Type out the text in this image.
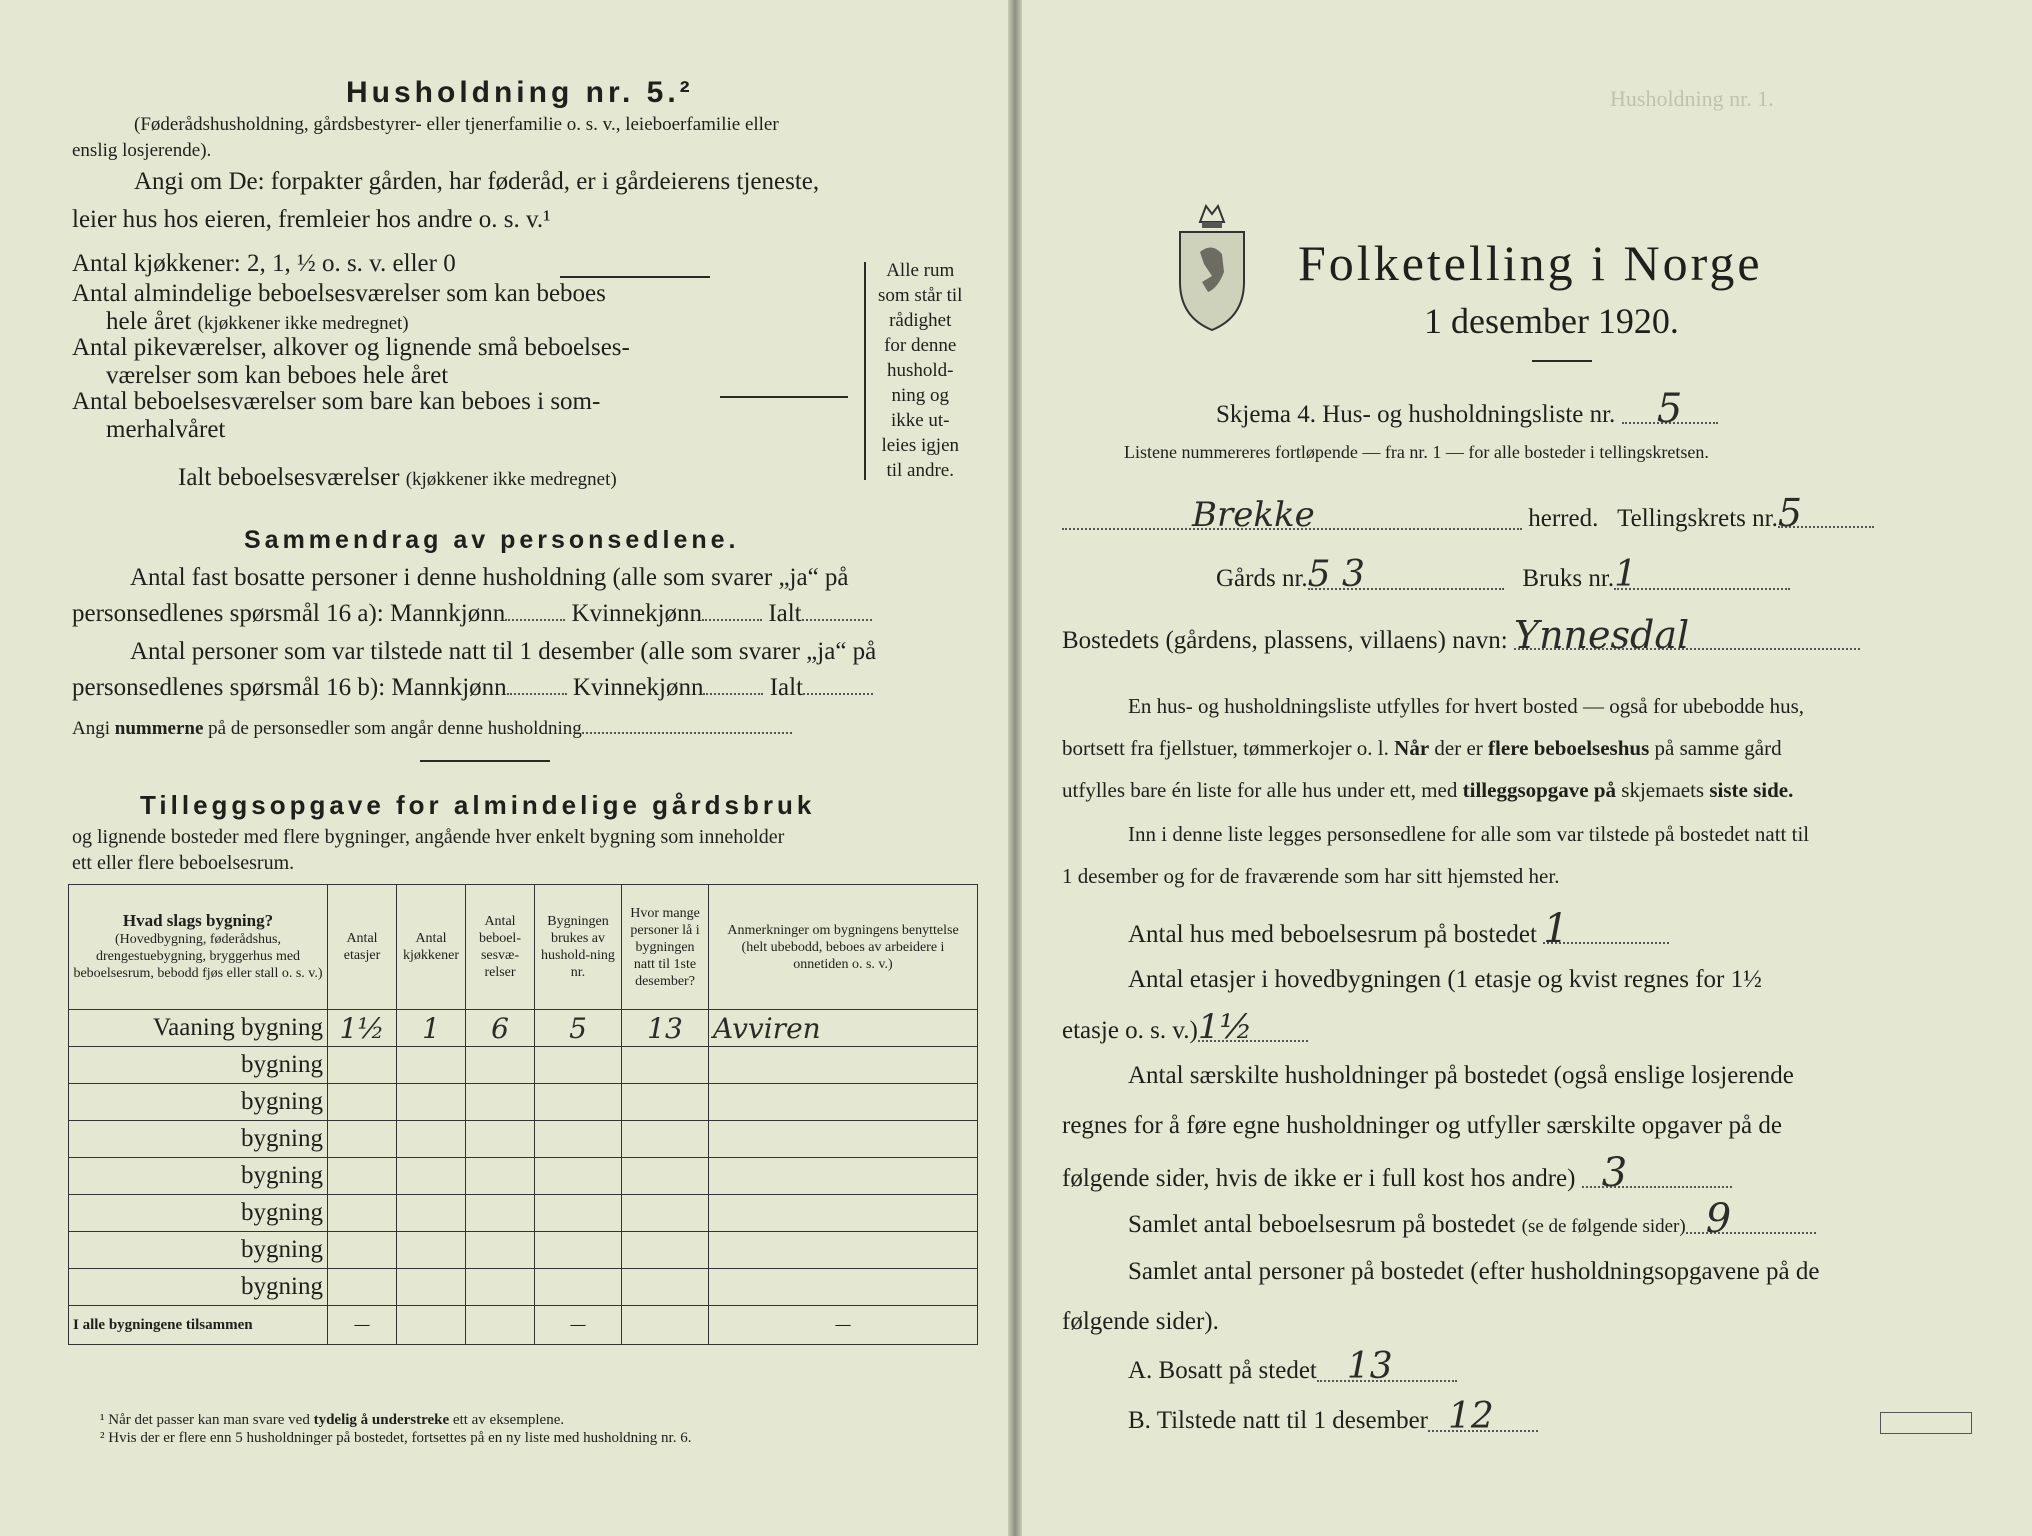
Husholdning nr. 5.²
(Føderådshusholdning, gårdsbestyrer- eller tjenerfamilie o. s. v., leieboerfamilie eller
enslig losjerende).
Angi om De: forpakter gården, har føderåd, er i gårdeierens tjeneste,
leier hus hos eieren, fremleier hos andre o. s. v.¹
Antal kjøkkener: 2, 1, ½ o. s. v. eller 0
Antal almindelige beboelsesværelser som kan beboes
hele året (kjøkkener ikke medregnet)
Antal pikeværelser, alkover og lignende små beboelses-
værelser som kan beboes hele året
Antal beboelsesværelser som bare kan beboes i som-
merhalvåret
Ialt beboelsesværelser (kjøkkener ikke medregnet)
Alle rum
som står til
rådighet
for denne
hushold-
ning og
ikke ut-
leies igjen
til andre.
Sammendrag av personsedlene.
Antal fast bosatte personer i denne husholdning (alle som svarer „ja“ på
personsedlenes spørsmål 16 a): Mannkjønn	Kvinnekjønn	Ialt
Antal personer som var tilstede natt til 1 desember (alle som svarer „ja“ på
personsedlenes spørsmål 16 b): Mannkjønn	Kvinnekjønn	Ialt
Angi nummerne på de personsedler som angår denne husholdning
Tilleggsopgave for almindelige gårdsbruk
og lignende bosteder med flere bygninger, angående hver enkelt bygning som inneholder
ett eller flere beboelsesrum.
Hvad slags bygning?
(Hovedbygning, føderådshus, drengestuebygning, bryggerhus med beboelsesrum, bebodd fjøs eller stall o. s. v.)	Antal etasjer	Antal kjøkkener	Antal beboel-sesvæ-relser	Bygningen brukes av hushold-ning nr.	Hvor mange personer lå i bygningen natt til 1ste desember?	Anmerkninger om bygningens benyttelse (helt ubebodd, beboes av arbeidere i onnetiden o. s. v.)
Vaaning bygning	1½	1	6	5	13	Avviren
bygning						
bygning						
bygning						
bygning						
bygning						
bygning						
bygning						
I alle bygningene tilsammen	—			—		—
¹ Når det passer kan man svare ved tydelig å understreke ett av eksemplene.
² Hvis der er flere enn 5 husholdninger på bostedet, fortsettes på en ny liste med husholdning nr. 6.
Husholdning nr. 1.
Folketelling i Norge
1 desember 1920.
Skjema 4. Hus- og husholdningsliste nr. 5
Listene nummereres fortløpende — fra nr. 1 — for alle bosteder i tellingskretsen.
Brekke	herred. Tellingskrets nr.5
Gårds nr.5 3	Bruks nr.1
Bostedets (gårdens, plassens, villaens) navn: Ynnesdal
En hus- og husholdningsliste utfylles for hvert bosted — også for ubebodde hus,
bortsett fra fjellstuer, tømmerkojer o. l. Når der er flere beboelseshus på samme gård
utfylles bare én liste for alle hus under ett, med tilleggsopgave på skjemaets siste side.
Inn i denne liste legges personsedlene for alle som var tilstede på bostedet natt til
1 desember og for de fraværende som har sitt hjemsted her.
Antal hus med beboelsesrum på bostedet 1
Antal etasjer i hovedbygningen (1 etasje og kvist regnes for 1½
etasje o. s. v.)1½
Antal særskilte husholdninger på bostedet (også enslige losjerende
regnes for å føre egne husholdninger og utfyller særskilte opgaver på de
følgende sider, hvis de ikke er i full kost hos andre) 3
Samlet antal beboelsesrum på bostedet (se de følgende sider) 9
Samlet antal personer på bostedet (efter husholdningsopgavene på de
følgende sider).
A. Bosatt på stedet 13
B. Tilstede natt til 1 desember 12
